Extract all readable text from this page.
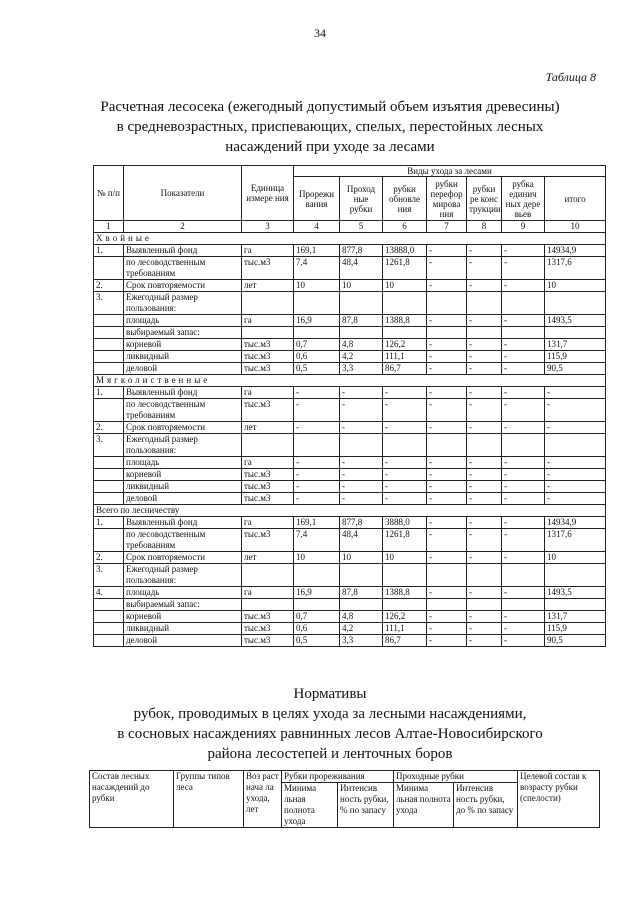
34
Таблица 8
Расчетная лесосека (ежегодный допустимый объем изъятия древесины)
в средневозрастных, приспевающих, спелых, перестойных лесных
насаждений при уходе за лесами
№ п/п	Показатели	Единица измере ния	Виды ухода за лесами						
			Прорежи вания	Проход ные рубки	рубки обновле ния	рубки перефор мирова ния	рубки ре конс трукции	рубка единич ных дере вьев	итого
1	2	3	4	5	6	7	8	9	10
Хвойные									
1.	Выявленный фонд	га	169,1	877,8	13888,0	-	-	-	14934,9
	по лесоводственным требованиям	тыс.м3	7,4	48,4	1261,8	-	-	-	1317,6
2.	Срок повторяемости	лет	10	10	10	-	-	-	10
3.	Ежегодный размер пользования:								
	площадь	га	16,9	87,8	1388,8	-	-	-	1493,5
	выбираемый запас:								
	корневой	тыс.м3	0,7	4,8	126,2	-	-	-	131,7
	ликвидный	тыс.м3	0,6	4,2	111,1	-	-	-	115,9
	деловой	тыс.м3	0,5	3,3	86,7	-	-	-	90,5
Мягколиственные									
1.	Выявленный фонд	га	-	-	-	-	-	-	-
	по лесоводственным требованиям	тыс.м3	-	-	-	-	-	-	-
2.	Срок повторяемости	лет	-	-	-	-	-	-	-
3.	Ежегодный размер пользования:								
	площадь	га	-	-	-	-	-	-	-
	корневой	тыс.м3	-	-	-	-	-	-	-
	ликвидный	тыс.м3	-	-	-	-	-	-	-
	деловой	тыс.м3	-	-	-	-	-	-	-
Всего по лесничеству									
1.	Выявленный фонд	га	169,1	877,8	3888,0	-	-	-	14934,9
	по лесоводственным требованиям	тыс.м3	7,4	48,4	1261,8	-	-	-	1317,6
2.	Срок повторяемости	лет	10	10	10	-	-	-	10
3.	Ежегодный размер пользования:								
4.	площадь	га	16,9	87,8	1388,8	-	-	-	1493,5
	выбираемый запас:								
	корневой	тыс.м3	0,7	4,8	126,2	-	-	-	131,7
	ликвидный	тыс.м3	0,6	4,2	111,1	-	-	-	115,9
	деловой	тыс.м3	0,5	3,3	86,7	-	-	-	90,5
Нормативы
рубок, проводимых в целях ухода за лесными насаждениями,
в сосновых насаждениях равнинных лесов Алтае-Новосибирского
района лесостепей и ленточных боров
Состав лесных насаждений до рубки	Группы типов леса	Воз раст нача ла ухода, лет	Рубки прореживания		Проходные рубки		Целевой состав к возрасту рубки (спелости)
			Минима льная полнота ухода	Интенсив ность рубки, % по запасу	Минима льная полнота ухода	Интенсив ность рубки, до % по запасу	
